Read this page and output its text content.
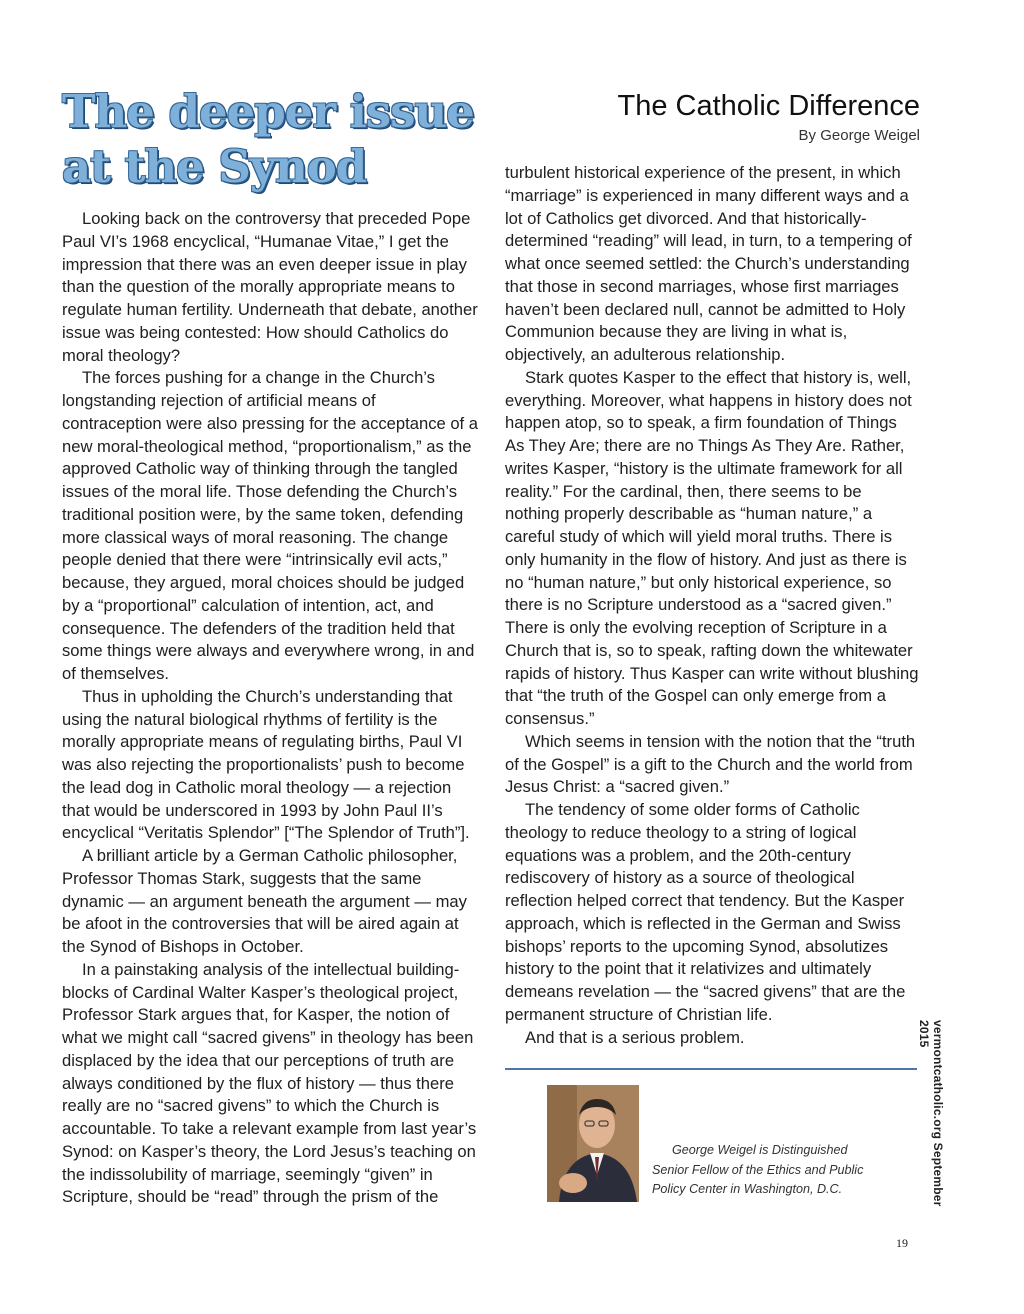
The deeper issue at the Synod
The Catholic Difference
By George Weigel

Looking back on the controversy that preceded Pope Paul VI’s 1968 encyclical, “Humanae Vitae,” I get the impression that there was an even deeper issue in play than the question of the morally appropriate means to regulate human fertility. Underneath that debate, another issue was being contested: How should Catholics do moral theology?

The forces pushing for a change in the Church’s longstanding rejection of artificial means of contraception were also pressing for the acceptance of a new moral-theological method, “proportionalism,” as the approved Catholic way of thinking through the tangled issues of the moral life. Those defending the Church’s traditional position were, by the same token, defending more classical ways of moral reasoning. The change people denied that there were “intrinsically evil acts,” because, they argued, moral choices should be judged by a “proportional” calculation of intention, act, and consequence. The defenders of the tradition held that some things were always and everywhere wrong, in and of themselves.

Thus in upholding the Church’s understanding that using the natural biological rhythms of fertility is the morally appropriate means of regulating births, Paul VI was also rejecting the proportionalists’ push to become the lead dog in Catholic moral theology — a rejection that would be underscored in 1993 by John Paul II’s encyclical “Veritatis Splendor” [“The Splendor of Truth”].

A brilliant article by a German Catholic philosopher, Professor Thomas Stark, suggests that the same dynamic — an argument beneath the argument — may be afoot in the controversies that will be aired again at the Synod of Bishops in October.

In a painstaking analysis of the intellectual building-blocks of Cardinal Walter Kasper’s theological project, Professor Stark argues that, for Kasper, the notion of what we might call “sacred givens” in theology has been displaced by the idea that our perceptions of truth are always conditioned by the flux of history — thus there really are no “sacred givens” to which the Church is accountable. To take a relevant example from last year’s Synod: on Kasper’s theory, the Lord Jesus’s teaching on the indissolubility of marriage, seemingly “given” in Scripture, should be “read” through the prism of the

turbulent historical experience of the present, in which “marriage” is experienced in many different ways and a lot of Catholics get divorced. And that historically-determined “reading” will lead, in turn, to a tempering of what once seemed settled: the Church’s understanding that those in second marriages, whose first marriages haven’t been declared null, cannot be admitted to Holy Communion because they are living in what is, objectively, an adulterous relationship.

Stark quotes Kasper to the effect that history is, well, everything. Moreover, what happens in history does not happen atop, so to speak, a firm foundation of Things As They Are; there are no Things As They Are. Rather, writes Kasper, “history is the ultimate framework for all reality.” For the cardinal, then, there seems to be nothing properly describable as “human nature,” a careful study of which will yield moral truths. There is only humanity in the flow of history. And just as there is no “human nature,” but only historical experience, so there is no Scripture understood as a “sacred given.” There is only the evolving reception of Scripture in a Church that is, so to speak, rafting down the whitewater rapids of history. Thus Kasper can write without blushing that “the truth of the Gospel can only emerge from a consensus.”

Which seems in tension with the notion that the “truth of the Gospel” is a gift to the Church and the world from Jesus Christ: a “sacred given.”

The tendency of some older forms of Catholic theology to reduce theology to a string of logical equations was a problem, and the 20th-century rediscovery of history as a source of theological reflection helped correct that tendency. But the Kasper approach, which is reflected in the German and Swiss bishops’ reports to the upcoming Synod, absolutizes history to the point that it relativizes and ultimately demeans revelation — the “sacred givens” that are the permanent structure of Christian life.

And that is a serious problem.

George Weigel is Distinguished
Senior Fellow of the Ethics and Public
Policy Center in Washington, D.C.	vermontcatholic.org September 2015
19
